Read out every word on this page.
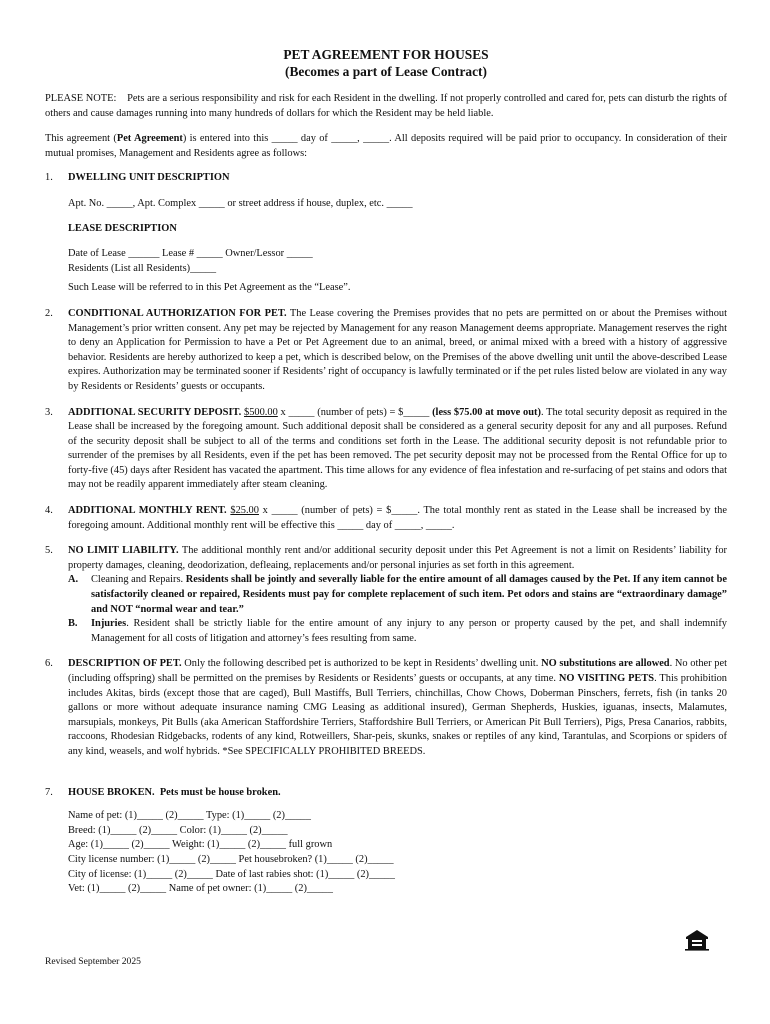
PET AGREEMENT FOR HOUSES
(Becomes a part of Lease Contract)

PLEASE NOTE: Pets are a serious responsibility and risk for each Resident in the dwelling. If not properly controlled and cared for, pets can disturb the rights of others and cause damages running into many hundreds of dollars for which the Resident may be held liable.

This agreement (Pet Agreement) is entered into this _____ day of _____, _____. All deposits required will be paid prior to occupancy. In consideration of their mutual promises, Management and Residents agree as follows:

1. DWELLING UNIT DESCRIPTION

Apt. No. _____, Apt. Complex _____ or street address if house, duplex, etc. _____

LEASE DESCRIPTION

Date of Lease ______ Lease # _____ Owner/Lessor _____

Residents (List all Residents)_____

Such Lease will be referred to in this Pet Agreement as the “Lease”.

2. CONDITIONAL AUTHORIZATION FOR PET. The Lease covering the Premises provides that no pets are permitted on or about the Premises without Management’s prior written consent. Any pet may be rejected by Management for any reason Management deems appropriate. Management reserves the right to deny an Application for Permission to have a Pet or Pet Agreement due to an animal, breed, or animal mixed with a breed with a history of aggressive behavior. Residents are hereby authorized to keep a pet, which is described below, on the Premises of the above dwelling unit until the above-described Lease expires. Authorization may be terminated sooner if Residents’ right of occupancy is lawfully terminated or if the pet rules listed below are violated in any way by Residents or Residents’ guests or occupants.

3. ADDITIONAL SECURITY DEPOSIT. $500.00 x _____ (number of pets) = $_____ (less $75.00 at move out). The total security deposit as required in the Lease shall be increased by the foregoing amount. Such additional deposit shall be considered as a general security deposit for any and all purposes. Refund of the security deposit shall be subject to all of the terms and conditions set forth in the Lease. The additional security deposit is not refundable prior to surrender of the premises by all Residents, even if the pet has been removed. The pet security deposit may not be processed from the Rental Office for up to forty-five (45) days after Resident has vacated the apartment. This time allows for any evidence of flea infestation and re-surfacing of pet stains and odors that may not be readily apparent immediately after steam cleaning.

4. ADDITIONAL MONTHLY RENT. $25.00 x _____ (number of pets) = $_____. The total monthly rent as stated in the Lease shall be increased by the foregoing amount. Additional monthly rent will be effective this _____ day of _____, _____.

5. NO LIMIT LIABILITY. The additional monthly rent and/or additional security deposit under this Pet Agreement is not a limit on Residents’ liability for property damages, cleaning, deodorization, defleaing, replacements and/or personal injuries as set forth in this agreement.

A.	Cleaning and Repairs. Residents shall be jointly and severally liable for the entire amount of all damages caused by the Pet. If any item cannot be satisfactorily cleaned or repaired, Residents must pay for complete replacement of such item. Pet odors and stains are “extraordinary damage” and NOT “normal wear and tear.”
B.	Injuries. Resident shall be strictly liable for the entire amount of any injury to any person or property caused by the pet, and shall indemnify Management for all costs of litigation and attorney’s fees resulting from same.
6. DESCRIPTION OF PET. Only the following described pet is authorized to be kept in Residents’ dwelling unit. NO substitutions are allowed. No other pet (including offspring) shall be permitted on the premises by Residents or Residents’ guests or occupants, at any time. NO VISITING PETS. This prohibition includes Akitas, birds (except those that are caged), Bull Mastiffs, Bull Terriers, chinchillas, Chow Chows, Doberman Pinschers, ferrets, fish (in tanks 20 gallons or more without adequate insurance naming CMG Leasing as additional insured), German Shepherds, Huskies, iguanas, insects, Malamutes, marsupials, monkeys, Pit Bulls (aka American Staffordshire Terriers, Staffordshire Bull Terriers, or American Pit Bull Terriers), Pigs, Presa Canarios, rabbits, raccoons, Rhodesian Ridgebacks, rodents of any kind, Rotweillers, Shar-peis, skunks, snakes or reptiles of any kind, Tarantulas, and Scorpions or spiders of any kind, weasels, and wolf hybrids. *See SPECIFICALLY PROHIBITED BREEDS.

7. HOUSE BROKEN. Pets must be house broken.

Name of pet: (1)_____ (2)_____ Type: (1)_____ (2)_____

Breed: (1)_____ (2)_____ Color: (1)_____ (2)_____

Age: (1)_____ (2)_____ Weight: (1)_____ (2)_____ full grown

City license number: (1)_____ (2)_____ Pet housebroken? (1)_____ (2)_____

City of license: (1)_____ (2)_____ Date of last rabies shot: (1)_____ (2)_____

Vet: (1)_____ (2)_____ Name of pet owner: (1)_____ (2)_____

Revised September 2025
